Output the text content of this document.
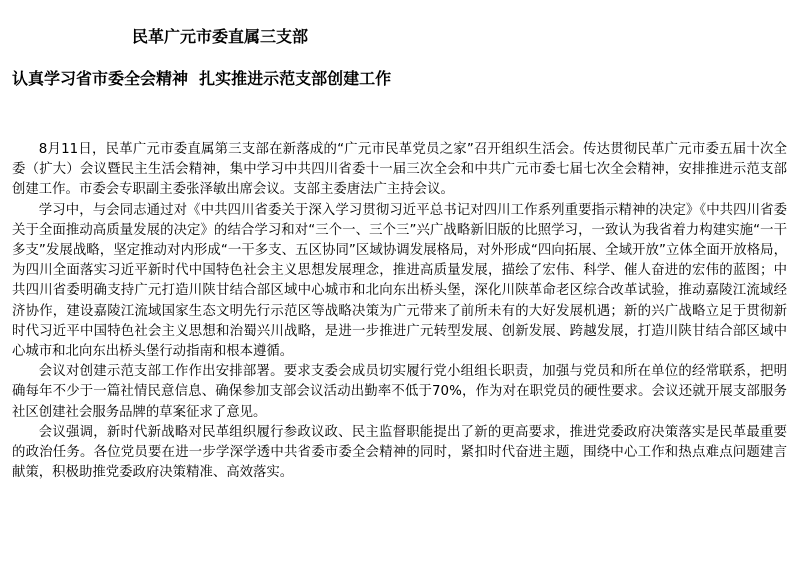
民革广元市委直属三支部
认真学习省市委全会精神  扎实推进示范支部创建工作

8月11日，民革广元市委直属第三支部在新落成的“广元市民革党员之家”召开组织生活会。传达贯彻民革广元市委五届十次全委（扩大）会议暨民主生活会精神，集中学习中共四川省委十一届三次全会和中共广元市委七届七次全会精神，安排推进示范支部创建工作。市委会专职副主委张泽敏出席会议。支部主委唐法广主持会议。

学习中，与会同志通过对《中共四川省委关于深入学习贯彻习近平总书记对四川工作系列重要指示精神的决定》《中共四川省委关于全面推动高质量发展的决定》的结合学习和对“三个一、三个三”兴广战略新旧版的比照学习，一致认为我省着力构建实施“一干多支”发展战略，坚定推动对内形成“一干多支、五区协同”区域协调发展格局，对外形成“四向拓展、全域开放”立体全面开放格局，为四川全面落实习近平新时代中国特色社会主义思想发展理念，推进高质量发展，描绘了宏伟、科学、催人奋进的宏伟的蓝图；中共四川省委明确支持广元打造川陕甘结合部区域中心城市和北向东出桥头堡，深化川陕革命老区综合改革试验，推动嘉陵江流域经济协作，建设嘉陵江流域国家生态文明先行示范区等战略决策为广元带来了前所未有的大好发展机遇；新的兴广战略立足于贯彻新时代习近平中国特色社会主义思想和治蜀兴川战略，是进一步推进广元转型发展、创新发展、跨越发展，打造川陕甘结合部区域中心城市和北向东出桥头堡行动指南和根本遵循。

会议对创建示范支部工作作出安排部署。要求支委会成员切实履行党小组组长职责，加强与党员和所在单位的经常联系，把明确每年不少于一篇社情民意信息、确保参加支部会议活动出勤率不低于70%，作为对在职党员的硬性要求。会议还就开展支部服务社区创建社会服务品牌的草案征求了意见。

会议强调，新时代新战略对民革组织履行参政议政、民主监督职能提出了新的更高要求，推进党委政府决策落实是民革最重要的政治任务。各位党员要在进一步学深学透中共省委市委全会精神的同时，紧扣时代奋进主题，围绕中心工作和热点难点问题建言献策，积极助推党委政府决策精准、高效落实。
